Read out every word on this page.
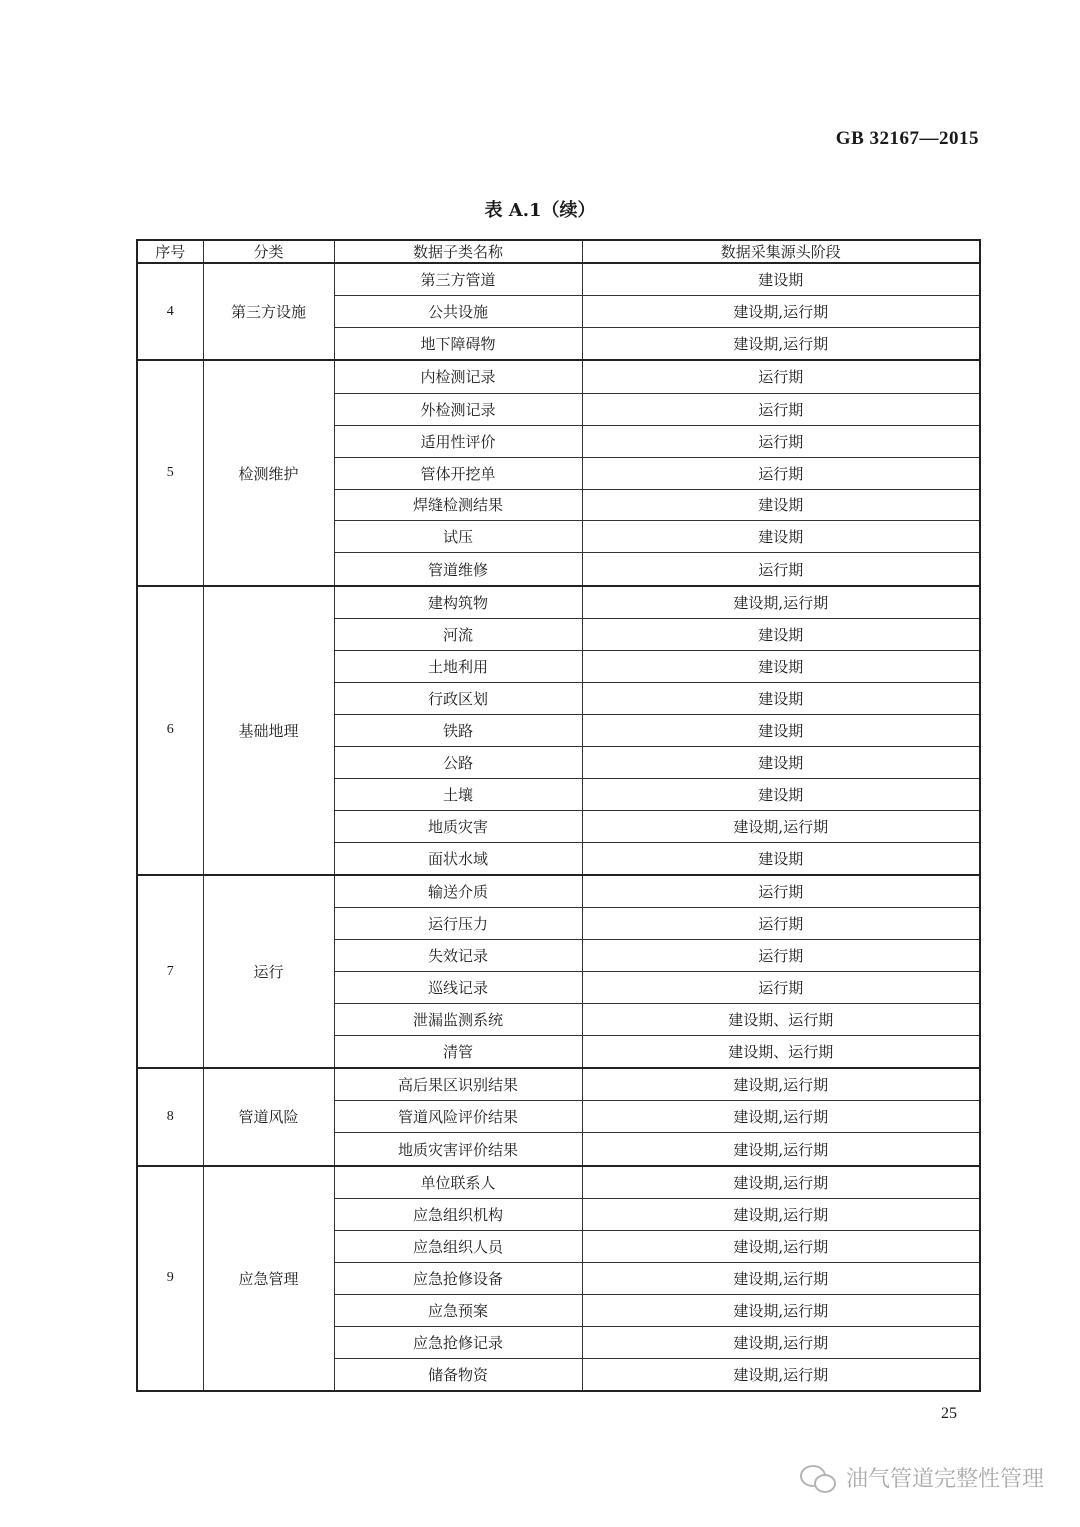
GB 32167—2015
表 A.1（续）
序号	分类	数据子类名称	数据采集源头阶段
4	第三方设施	第三方管道	建设期
		公共设施	建设期,运行期
		地下障碍物	建设期,运行期
5	检测维护	内检测记录	运行期
		外检测记录	运行期
		适用性评价	运行期
		管体开挖单	运行期
		焊缝检测结果	建设期
		试压	建设期
		管道维修	运行期
6	基础地理	建构筑物	建设期,运行期
		河流	建设期
		土地利用	建设期
		行政区划	建设期
		铁路	建设期
		公路	建设期
		土壤	建设期
		地质灾害	建设期,运行期
		面状水域	建设期
7	运行	输送介质	运行期
		运行压力	运行期
		失效记录	运行期
		巡线记录	运行期
		泄漏监测系统	建设期、运行期
		清管	建设期、运行期
8	管道风险	高后果区识别结果	建设期,运行期
		管道风险评价结果	建设期,运行期
		地质灾害评价结果	建设期,运行期
9	应急管理	单位联系人	建设期,运行期
		应急组织机构	建设期,运行期
		应急组织人员	建设期,运行期
		应急抢修设备	建设期,运行期
		应急预案	建设期,运行期
		应急抢修记录	建设期,运行期
		储备物资	建设期,运行期
25
油气管道完整性管理
